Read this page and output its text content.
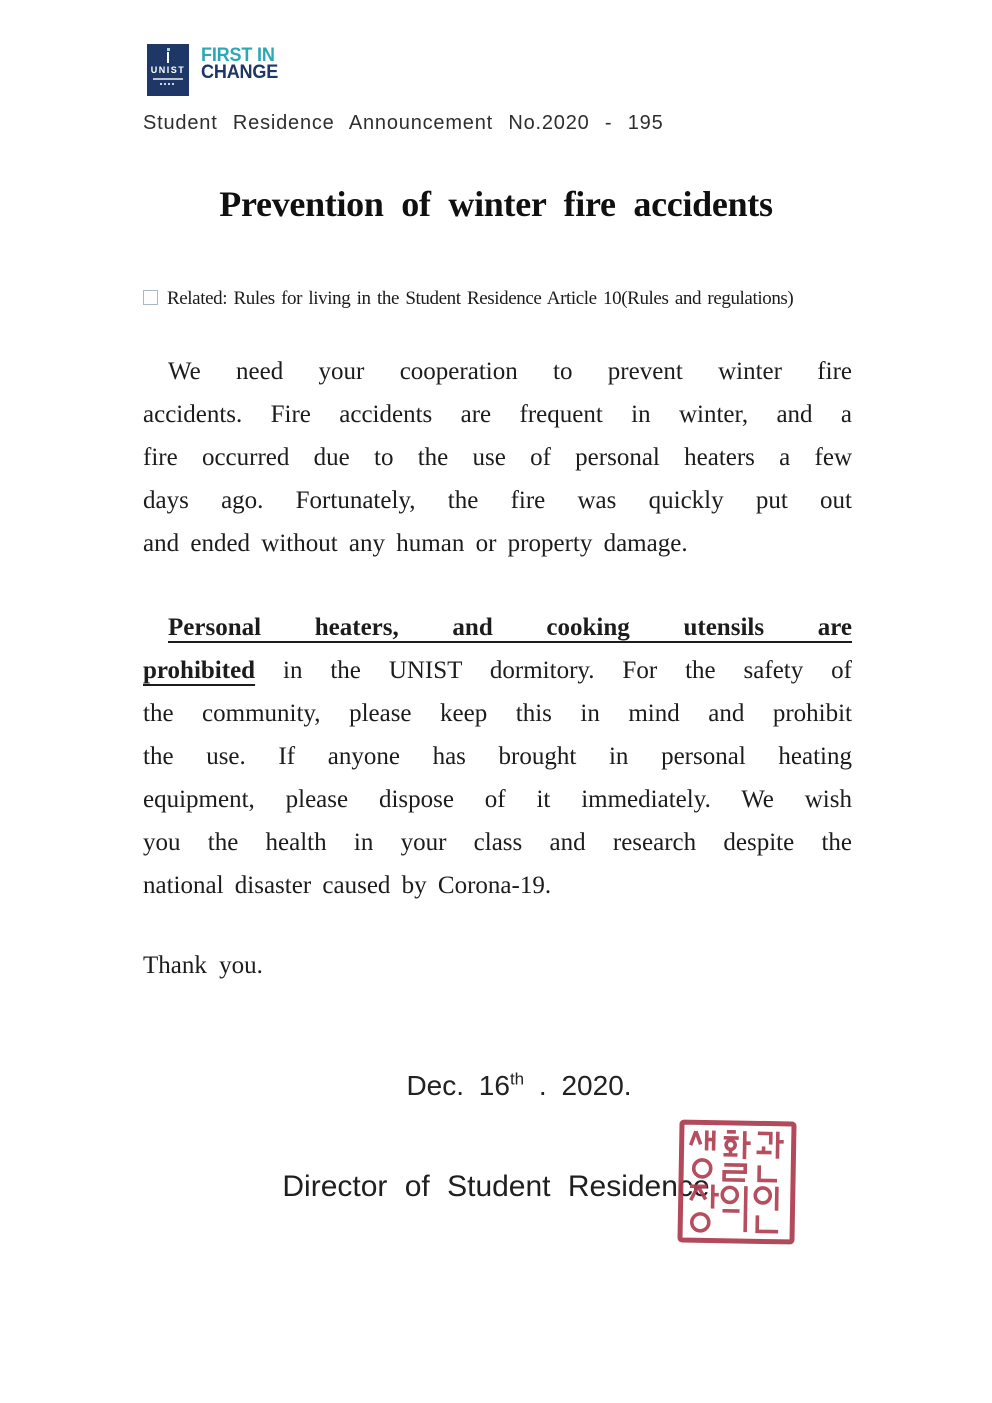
UNIST
FIRST IN
CHANGE
Student Residence Announcement No.2020 - 195
Prevention of winter fire accidents
Related: Rules for living in the Student Residence Article 10(Rules and regulations)
We need your cooperation to prevent winter fire
accidents. Fire accidents are frequent in winter, and a
fire occurred due to the use of personal heaters a few
days ago. Fortunately, the fire was quickly put out
and ended without any human or property damage.
Personal heaters, and cooking utensils are
prohibited in the UNIST dormitory. For the safety of
the community, please keep this in mind and prohibit
the use. If anyone has brought in personal heating
equipment, please dispose of it immediately. We wish
you the health in your class and research despite the
national disaster caused by Corona-19.
Thank you.
Dec. 16th . 2020.
Director of Student Residence
